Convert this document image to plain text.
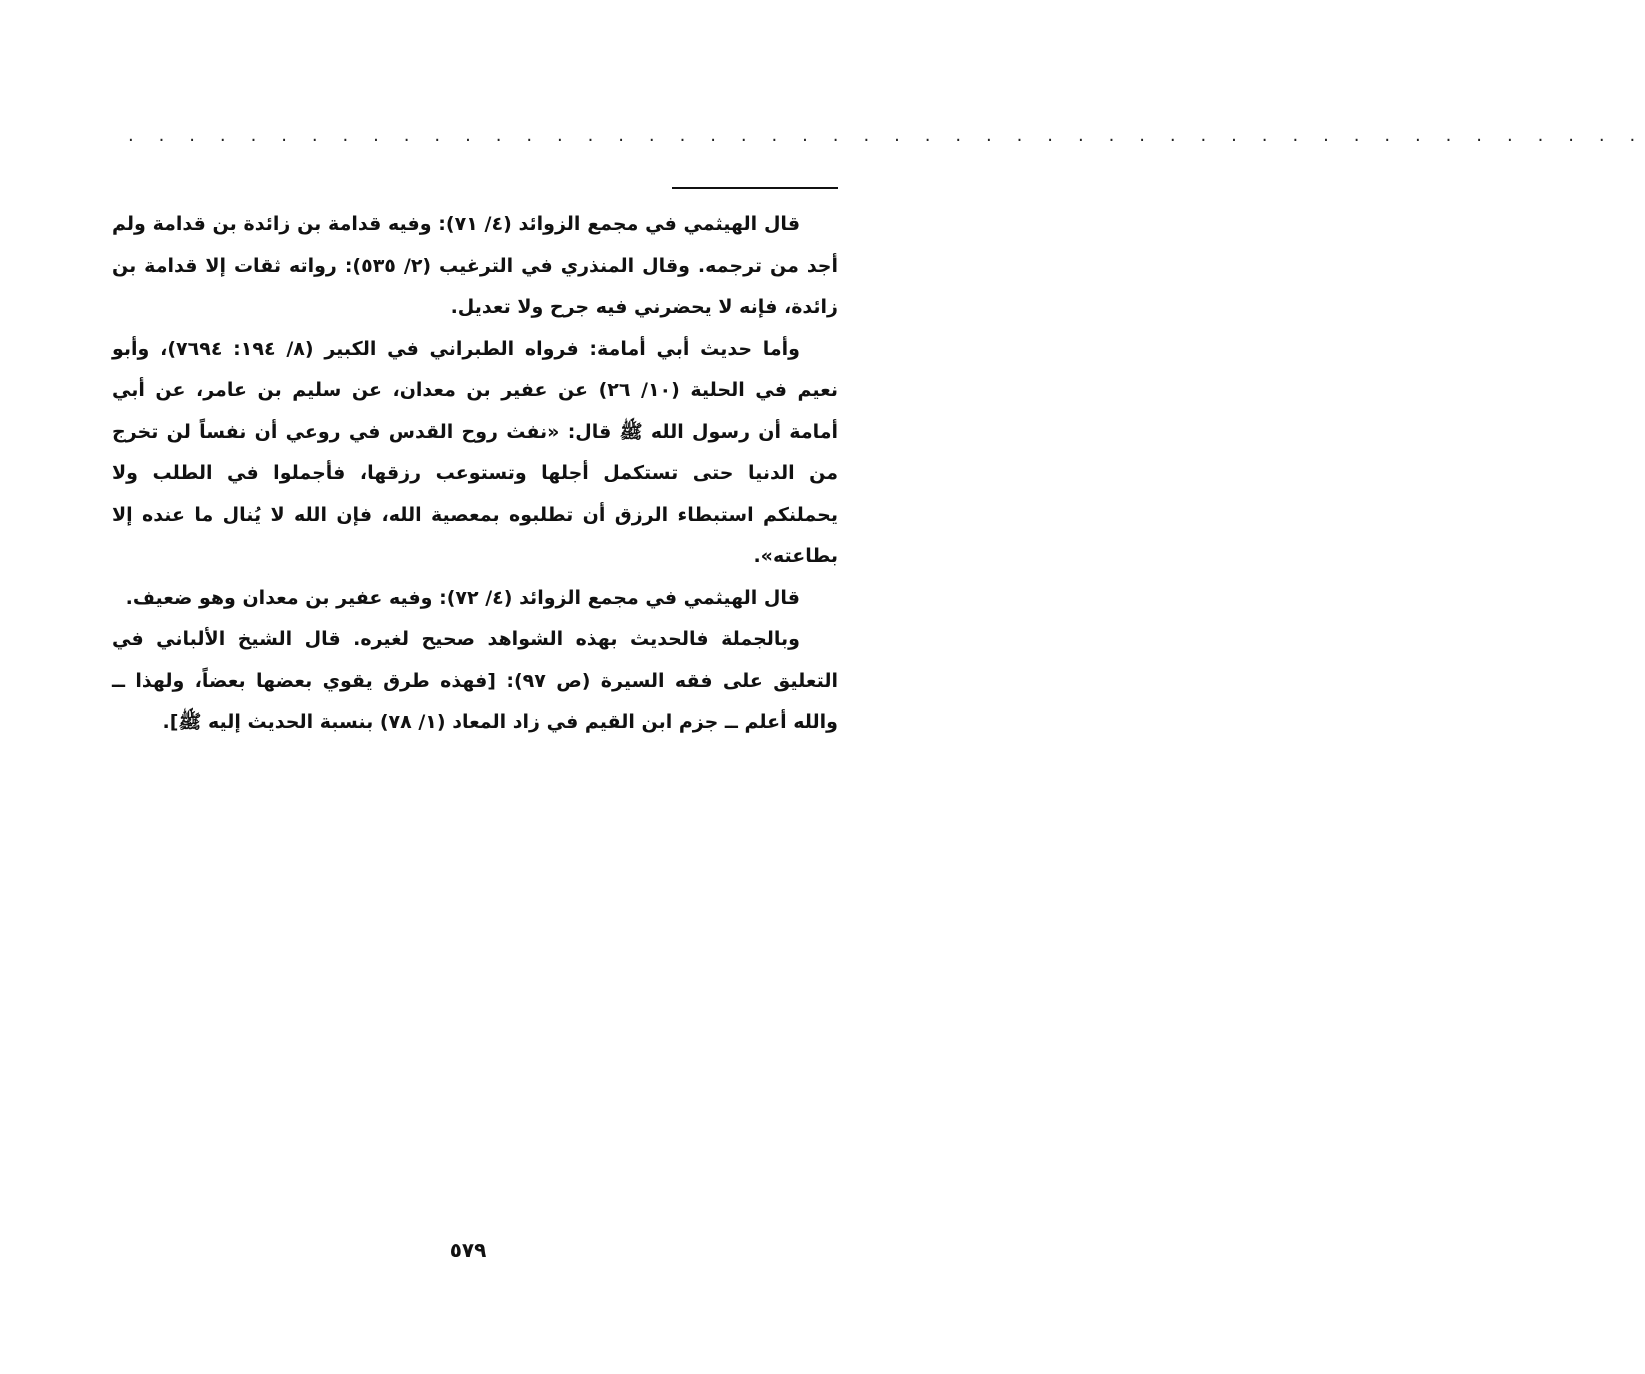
. . . . . . . . . . . . . . . . . . . . . . . . . . . . . . . . . . . . . . . . . . . . . . . . . .

قال الهيثمي في مجمع الزوائد (٤/ ٧١): وفيه قدامة بن زائدة بن قدامة ولم أجد من ترجمه. وقال المنذري في الترغيب (٢/ ٥٣٥): رواته ثقات إلا قدامة بن زائدة، فإنه لا يحضرني فيه جرح ولا تعديل.

وأما حديث أبي أمامة: فرواه الطبراني في الكبير (٨/ ١٩٤: ٧٦٩٤)، وأبو نعيم في الحلية (١٠/ ٢٦) عن عفير بن معدان، عن سليم بن عامر، عن أبي أمامة أن رسول الله ﷺ قال: «نفث روح القدس في روعي أن نفساً لن تخرج من الدنيا حتى تستكمل أجلها وتستوعب رزقها، فأجملوا في الطلب ولا يحملنكم استبطاء الرزق أن تطلبوه بمعصية الله، فإن الله لا يُنال ما عنده إلا بطاعته».

قال الهيثمي في مجمع الزوائد (٤/ ٧٢): وفيه عفير بن معدان وهو ضعيف.

وبالجملة فالحديث بهذه الشواهد صحيح لغيره. قال الشيخ الألباني في التعليق على فقه السيرة (ص ٩٧): [فهذه طرق يقوي بعضها بعضاً، ولهذا ــ والله أعلم ــ جزم ابن القيم في زاد المعاد (١/ ٧٨) بنسبة الحديث إليه ﷺ].

٥٧٩
